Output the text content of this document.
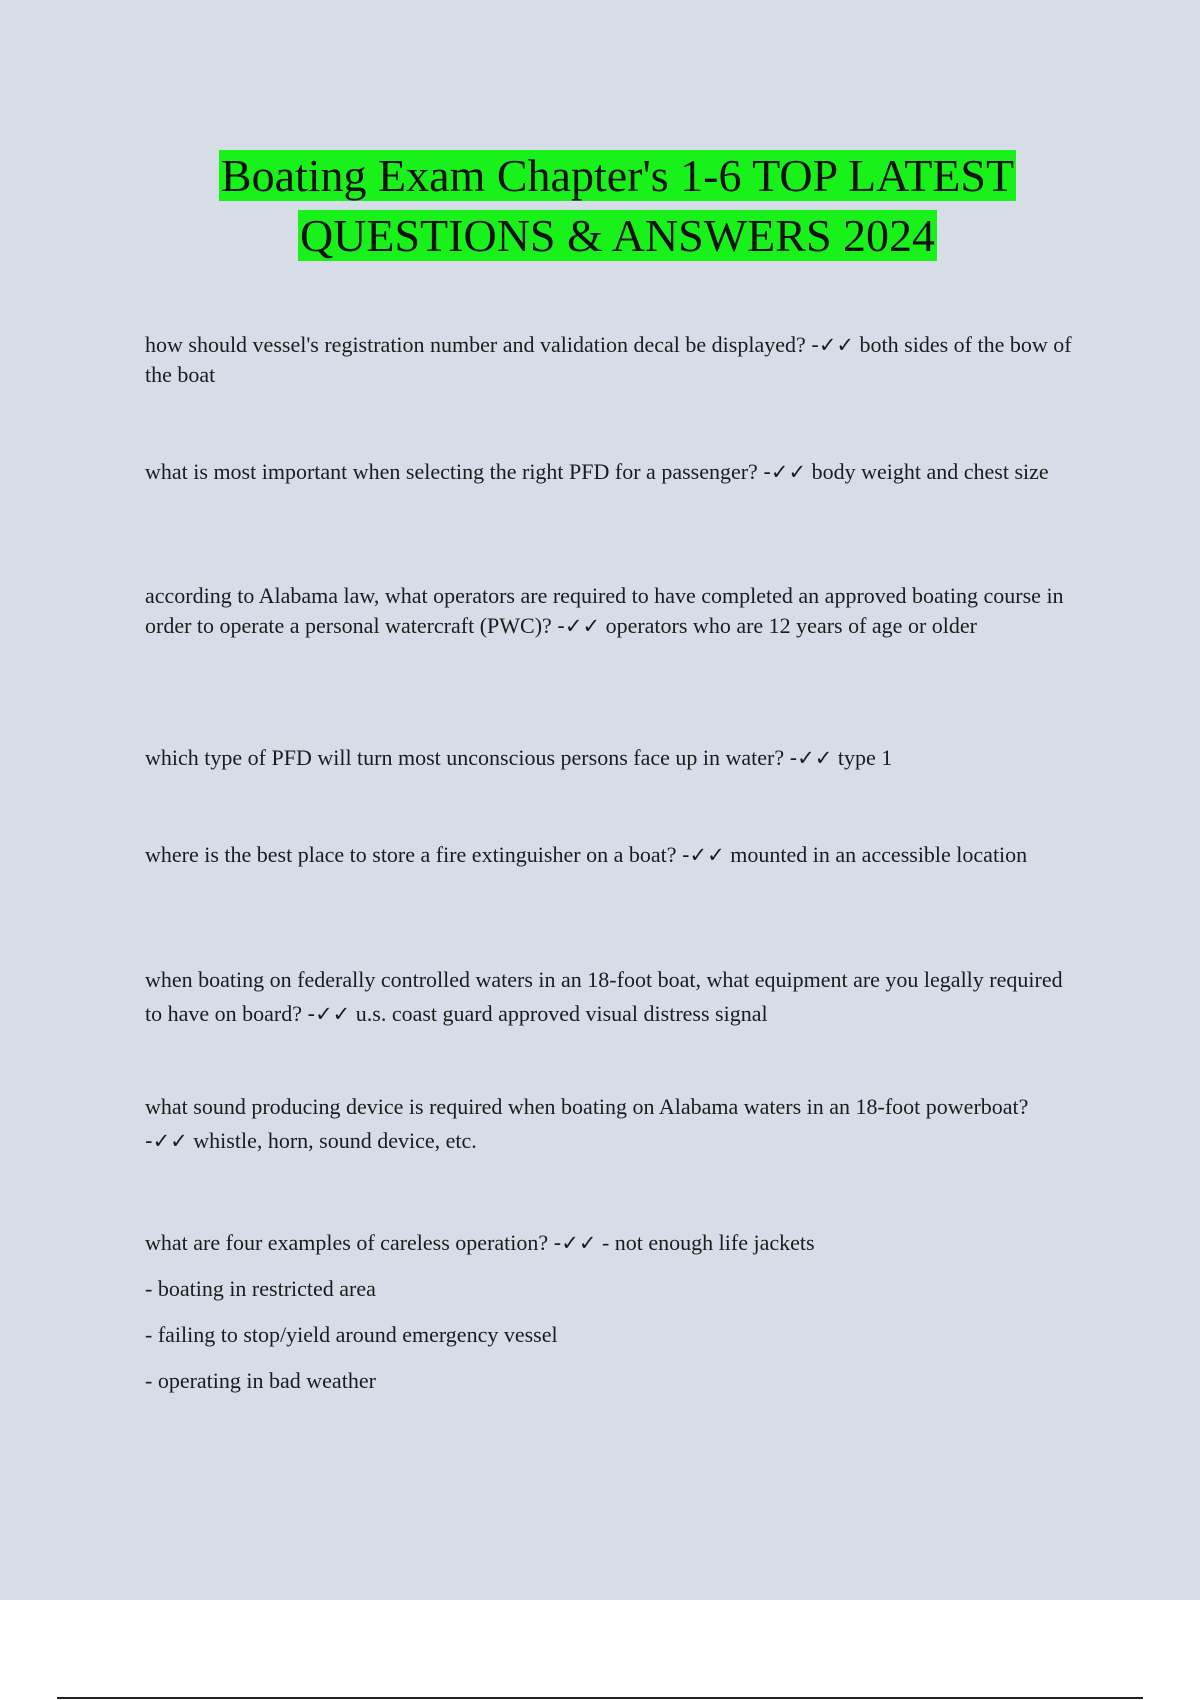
Boating Exam Chapter's 1-6 TOP LATEST
QUESTIONS & ANSWERS 2024
how should vessel's registration number and validation decal be displayed? -✓✓ both sides of the bow of the boat
what is most important when selecting the right PFD for a passenger? -✓✓ body weight and chest size
according to Alabama law, what operators are required to have completed an approved boating course in order to operate a personal watercraft (PWC)? -✓✓ operators who are 12 years of age or older
which type of PFD will turn most unconscious persons face up in water? -✓✓ type 1
where is the best place to store a fire extinguisher on a boat? -✓✓ mounted in an accessible location
when boating on federally controlled waters in an 18-foot boat, what equipment are you legally required to have on board? -✓✓ u.s. coast guard approved visual distress signal
what sound producing device is required when boating on Alabama waters in an 18-foot powerboat? -✓✓ whistle, horn, sound device, etc.
what are four examples of careless operation? -✓✓ - not enough life jackets
- boating in restricted area
- failing to stop/yield around emergency vessel
- operating in bad weather
